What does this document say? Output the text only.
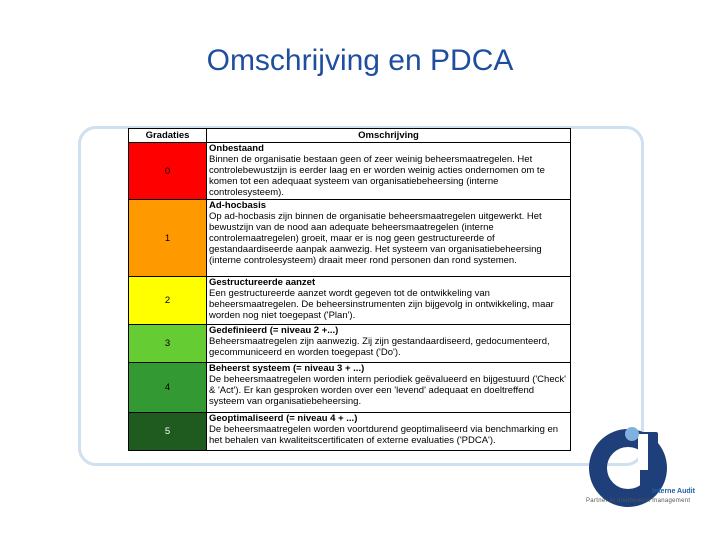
Omschrijving en PDCA
Gradaties	Omschrijving
0	Onbestaand
Binnen de organisatie bestaan geen of zeer weinig beheersmaatregelen. Het controlebewustzijn is eerder laag en er worden weinig acties ondernomen om te komen tot een adequaat systeem van organisatiebeheersing (interne controlesysteem).

1	Ad-hocbasis
Op ad-hocbasis zijn binnen de organisatie beheersmaatregelen uitgewerkt. Het bewustzijn van de nood aan adequate beheersmaatregelen (interne controlemaatregelen) groeit, maar er is nog geen gestructureerde of gestandaardiseerde aanpak aanwezig. Het systeem van organisatiebeheersing (interne controlesysteem) draait meer rond personen dan rond systemen.

2	Gestructureerde aanzet
Een gestructureerde aanzet wordt gegeven tot de ontwikkeling van beheersmaatregelen. De beheersinstrumenten zijn bijgevolg in ontwikkeling, maar worden nog niet toegepast ('Plan').

3	Gedefinieerd (= niveau 2 +...)
Beheersmaatregelen zijn aanwezig. Zij zijn gestandaardiseerd, gedocumenteerd, gecommuniceerd en worden toegepast ('Do').

4	Beheerst systeem (= niveau 3 + ...)
De beheersmaatregelen worden intern periodiek geëvalueerd en bijgestuurd ('Check' & 'Act'). Er kan gesproken worden over een 'levend' adequaat en doeltreffend systeem van organisatiebeheersing.

5	Geoptimaliseerd (= niveau 4 + ...)
De beheersmaatregelen worden voortdurend geoptimaliseerd via benchmarking en het behalen van kwaliteitscertificaten of externe evaluaties ('PDCA').
Interne Audit
Partner in doelbewust management
